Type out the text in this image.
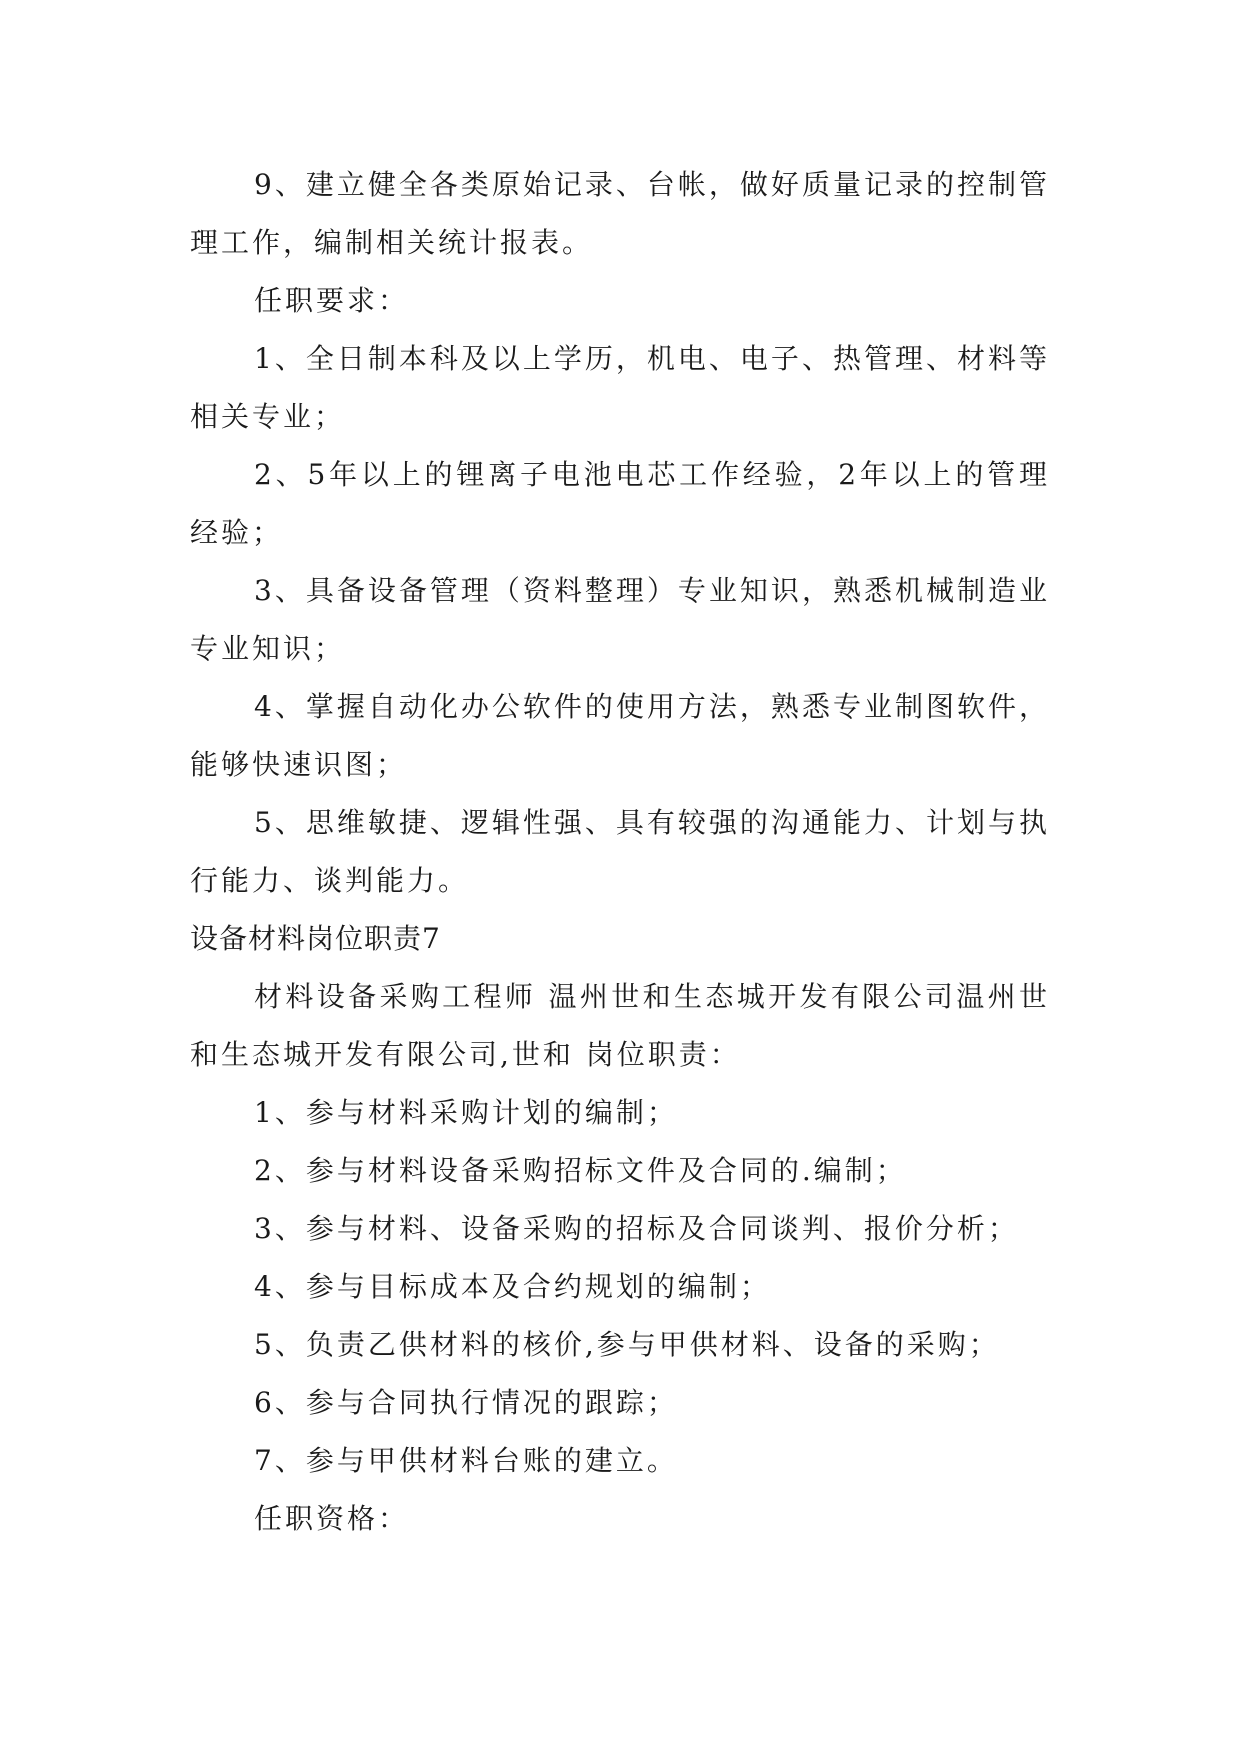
9、建立健全各类原始记录、台帐，做好质量记录的控制管理工作，编制相关统计报表。

任职要求：

1、全日制本科及以上学历，机电、电子、热管理、材料等相关专业；

2、5年以上的锂离子电池电芯工作经验，2年以上的管理经验；

3、具备设备管理（资料整理）专业知识，熟悉机械制造业专业知识；

4、掌握自动化办公软件的使用方法，熟悉专业制图软件，能够快速识图；

5、思维敏捷、逻辑性强、具有较强的沟通能力、计划与执行能力、谈判能力。

设备材料岗位职责7

材料设备采购工程师 温州世和生态城开发有限公司温州世和生态城开发有限公司,世和 岗位职责：

1、参与材料采购计划的编制；

2、参与材料设备采购招标文件及合同的.编制；

3、参与材料、设备采购的招标及合同谈判、报价分析；

4、参与目标成本及合约规划的编制；

5、负责乙供材料的核价,参与甲供材料、设备的采购；

6、参与合同执行情况的跟踪；

7、参与甲供材料台账的建立。

任职资格：
